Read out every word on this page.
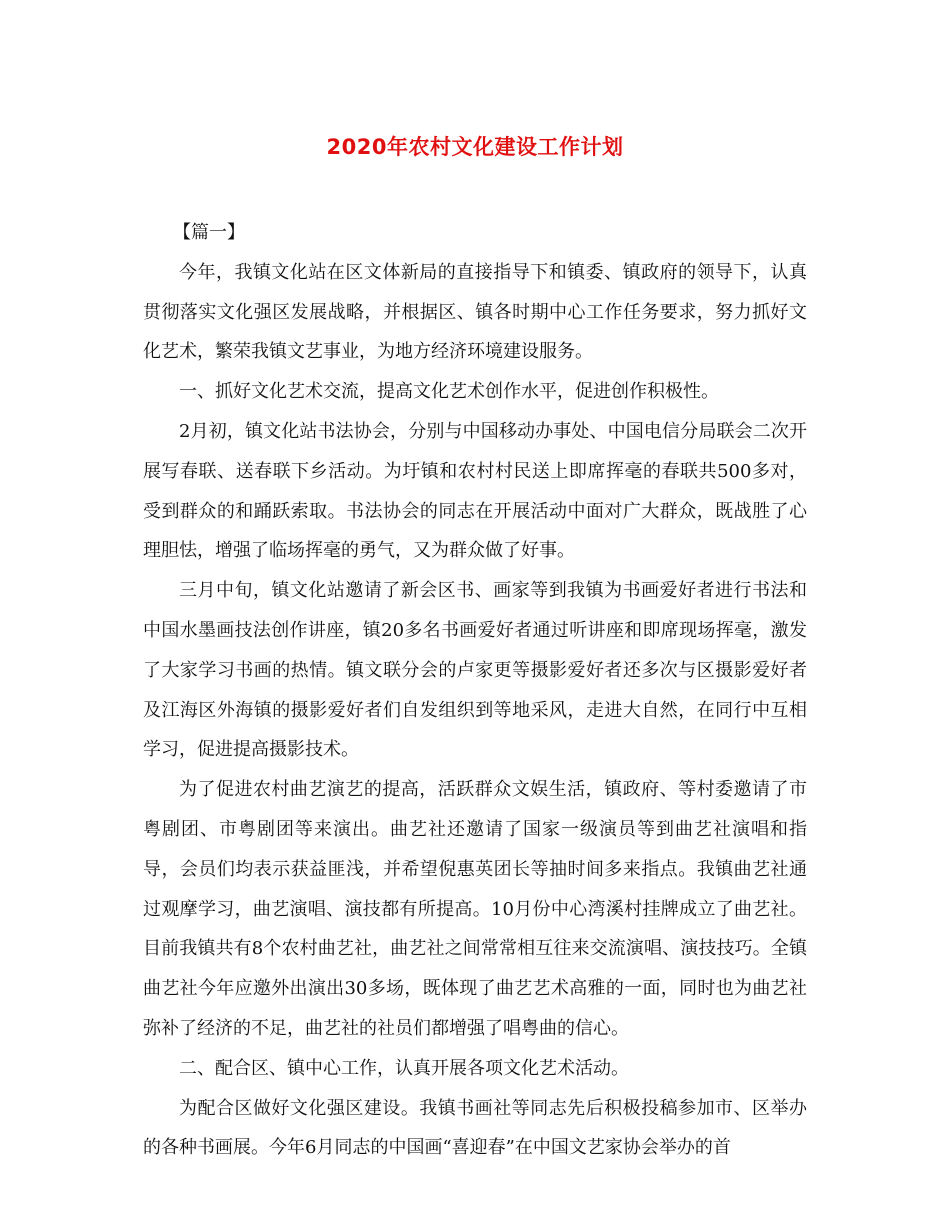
2020年农村文化建设工作计划

【篇一】

今年，我镇文化站在区文体新局的直接指导下和镇委、镇政府的领导下，认真贯彻落实文化强区发展战略，并根据区、镇各时期中心工作任务要求，努力抓好文化艺术，繁荣我镇文艺事业，为地方经济环境建设服务。

一、抓好文化艺术交流，提高文化艺术创作水平，促进创作积极性。

2月初，镇文化站书法协会，分别与中国移动办事处、中国电信分局联会二次开展写春联、送春联下乡活动。为圩镇和农村村民送上即席挥毫的春联共500多对，受到群众的和踊跃索取。书法协会的同志在开展活动中面对广大群众，既战胜了心理胆怯，增强了临场挥毫的勇气，又为群众做了好事。

三月中旬，镇文化站邀请了新会区书、画家等到我镇为书画爱好者进行书法和中国水墨画技法创作讲座，镇20多名书画爱好者通过听讲座和即席现场挥毫，激发了大家学习书画的热情。镇文联分会的卢家更等摄影爱好者还多次与区摄影爱好者及江海区外海镇的摄影爱好者们自发组织到等地采风，走进大自然，在同行中互相学习，促进提高摄影技术。

为了促进农村曲艺演艺的提高，活跃群众文娱生活，镇政府、等村委邀请了市粤剧团、市粤剧团等来演出。曲艺社还邀请了国家一级演员等到曲艺社演唱和指导，会员们均表示获益匪浅，并希望倪惠英团长等抽时间多来指点。我镇曲艺社通过观摩学习，曲艺演唱、演技都有所提高。10月份中心湾溪村挂牌成立了曲艺社。目前我镇共有8个农村曲艺社，曲艺社之间常常相互往来交流演唱、演技技巧。全镇曲艺社今年应邀外出演出30多场，既体现了曲艺艺术高雅的一面，同时也为曲艺社弥补了经济的不足，曲艺社的社员们都增强了唱粤曲的信心。

二、配合区、镇中心工作，认真开展各项文化艺术活动。

为配合区做好文化强区建设。我镇书画社等同志先后积极投稿参加市、区举办的各种书画展。今年6月同志的中国画“喜迎春”在中国文艺家协会举办的首
